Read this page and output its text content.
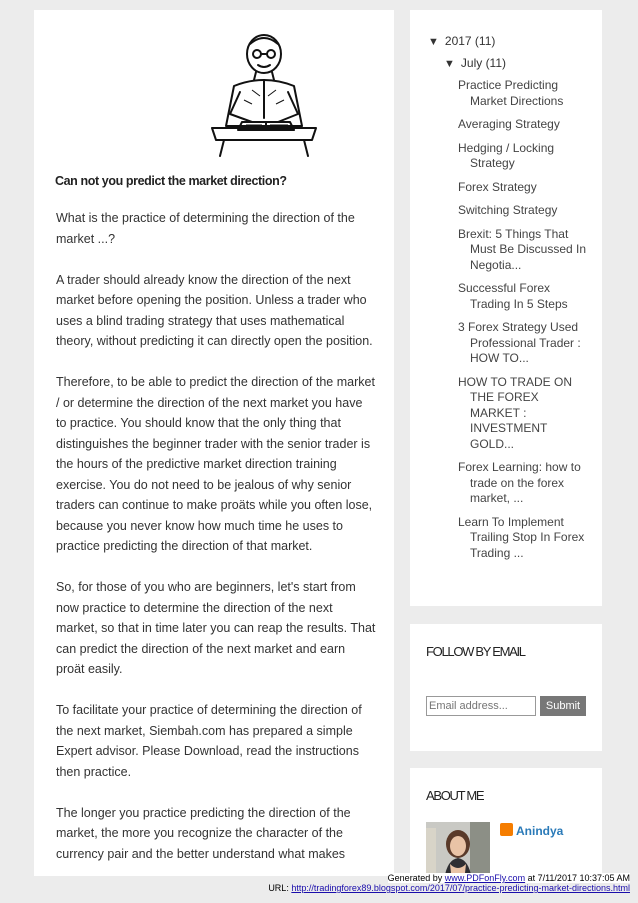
Can not you predict the market direction?

What is the practice of determining the direction of the market ...?

A trader should already know the direction of the next market before opening the position. Unless a trader who uses a blind trading strategy that uses mathematical theory, without predicting it can directly open the position.

Therefore, to be able to predict the direction of the market / or determine the direction of the next market you have to practice. You should know that the only thing that distinguishes the beginner trader with the senior trader is the hours of the predictive market direction training exercise. You do not need to be jealous of why senior traders can continue to make proäts while you often lose, because you never know how much time he uses to practice predicting the direction of that market.

So, for those of you who are beginners, let's start from now practice to determine the direction of the next market, so that in time later you can reap the results. That can predict the direction of the next market and earn proät easily.

To facilitate your practice of determining the direction of the next market, Siembah.com has prepared a simple Expert advisor. Please Download, read the instructions then practice.

The longer you practice predicting the direction of the market, the more you recognize the character of the currency pair and the better understand what makes

▼ 2017 (11)
▼ July (11)
Practice Predicting Market Directions
Averaging Strategy
Hedging / Locking Strategy
Forex Strategy
Switching Strategy
Brexit: 5 Things That Must Be Discussed In Negotia...
Successful Forex Trading In 5 Steps
3 Forex Strategy Used Professional Trader : HOW TO...
HOW TO TRADE ON THE FOREX MARKET : INVESTMENT GOLD...
Forex Learning: how to trade on the forex market, ...
Learn To Implement Trailing Stop In Forex Trading ...
FOLLOW BY EMAIL
Email address...
Submit
ABOUT ME
Anindya
Generated by www.PDFonFly.com at 7/11/2017 10:37:05 AM
URL: http://tradingforex89.blogspot.com/2017/07/practice-predicting-market-directions.html
